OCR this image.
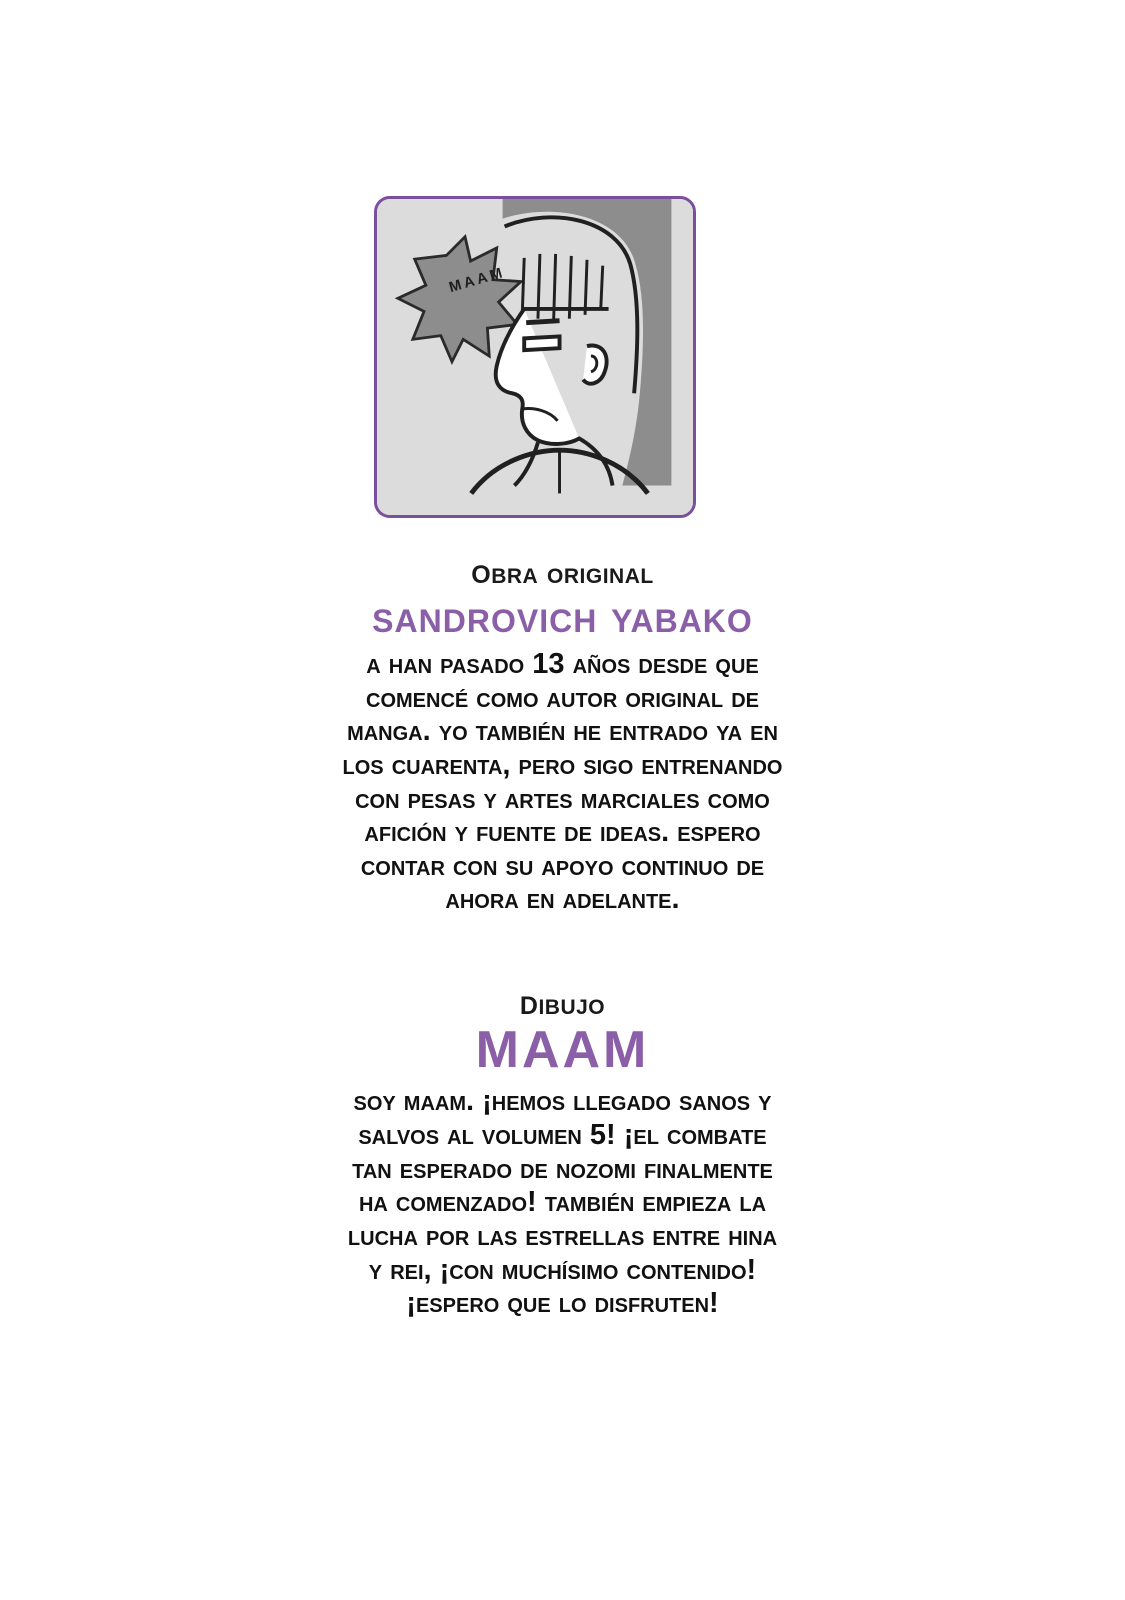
MAAM
obra original
sandrovich yabako
a han pasado 13 años desde que comencé como autor original de manga. yo también he entrado ya en los cuarenta, pero sigo entrenando con pesas y artes marciales como afición y fuente de ideas. espero contar con su apoyo continuo de ahora en adelante.
dibujo
MAAM
soy maam. ¡hemos llegado sanos y salvos al volumen 5! ¡el combate tan esperado de nozomi finalmente ha comenzado! también empieza la lucha por las estrellas entre hina y rei, ¡con muchísimo contenido! ¡espero que lo disfruten!
